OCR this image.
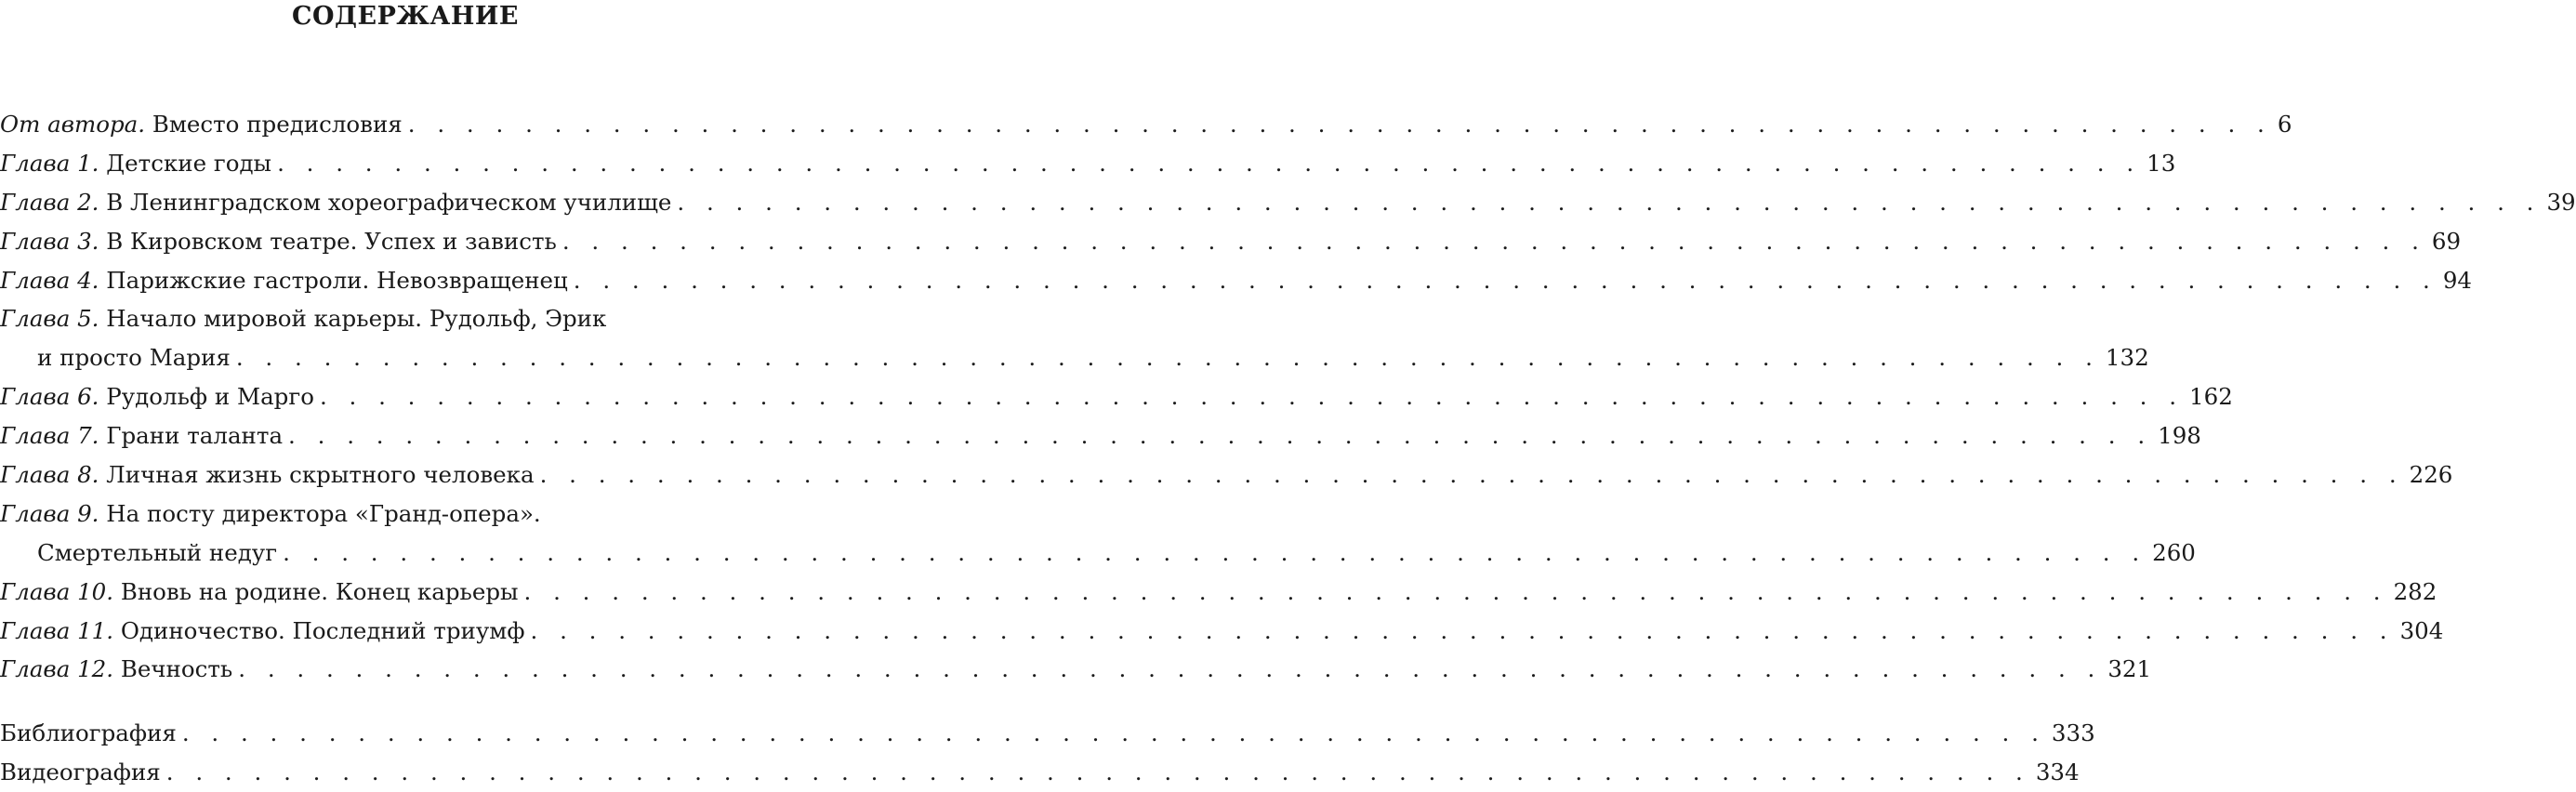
СОДЕРЖАНИЕ
От автора. Вместо предисловия . . . . . . . . . . . . . . . . . . . . . . . . . . . . . . . . . . . . . . . . . . . . . . . . . . . . . . . . . . . . . . . . 6
Глава 1. Детские годы . . . . . . . . . . . . . . . . . . . . . . . . . . . . . . . . . . . . . . . . . . . . . . . . . . . . . . . . . . . . . . . . 13
Глава 2. В Ленинградском хореографическом училище . . . . . . . . . . . . . . . . . . . . . . . . . . . . . . . . . . . . . . . . . . . . . . . . . . . . . . . . . . . . . . . . 39
Глава 3. В Кировском театре. Успех и зависть . . . . . . . . . . . . . . . . . . . . . . . . . . . . . . . . . . . . . . . . . . . . . . . . . . . . . . . . . . . . . . . . 69
Глава 4. Парижские гастроли. Невозвращенец . . . . . . . . . . . . . . . . . . . . . . . . . . . . . . . . . . . . . . . . . . . . . . . . . . . . . . . . . . . . . . . . 94
Глава 5. Начало мировой карьеры. Рудольф, Эрик
и просто Мария . . . . . . . . . . . . . . . . . . . . . . . . . . . . . . . . . . . . . . . . . . . . . . . . . . . . . . . . . . . . . . . . 132
Глава 6. Рудольф и Марго . . . . . . . . . . . . . . . . . . . . . . . . . . . . . . . . . . . . . . . . . . . . . . . . . . . . . . . . . . . . . . . . 162
Глава 7. Грани таланта . . . . . . . . . . . . . . . . . . . . . . . . . . . . . . . . . . . . . . . . . . . . . . . . . . . . . . . . . . . . . . . . 198
Глава 8. Личная жизнь скрытного человека . . . . . . . . . . . . . . . . . . . . . . . . . . . . . . . . . . . . . . . . . . . . . . . . . . . . . . . . . . . . . . . . 226
Глава 9. На посту директора «Гранд-опера».
Смертельный недуг . . . . . . . . . . . . . . . . . . . . . . . . . . . . . . . . . . . . . . . . . . . . . . . . . . . . . . . . . . . . . . . . 260
Глава 10. Вновь на родине. Конец карьеры . . . . . . . . . . . . . . . . . . . . . . . . . . . . . . . . . . . . . . . . . . . . . . . . . . . . . . . . . . . . . . . . 282
Глава 11. Одиночество. Последний триумф . . . . . . . . . . . . . . . . . . . . . . . . . . . . . . . . . . . . . . . . . . . . . . . . . . . . . . . . . . . . . . . . 304
Глава 12. Вечность . . . . . . . . . . . . . . . . . . . . . . . . . . . . . . . . . . . . . . . . . . . . . . . . . . . . . . . . . . . . . . . . 321
Библиография . . . . . . . . . . . . . . . . . . . . . . . . . . . . . . . . . . . . . . . . . . . . . . . . . . . . . . . . . . . . . . . . 333
Видеография . . . . . . . . . . . . . . . . . . . . . . . . . . . . . . . . . . . . . . . . . . . . . . . . . . . . . . . . . . . . . . . . 334
